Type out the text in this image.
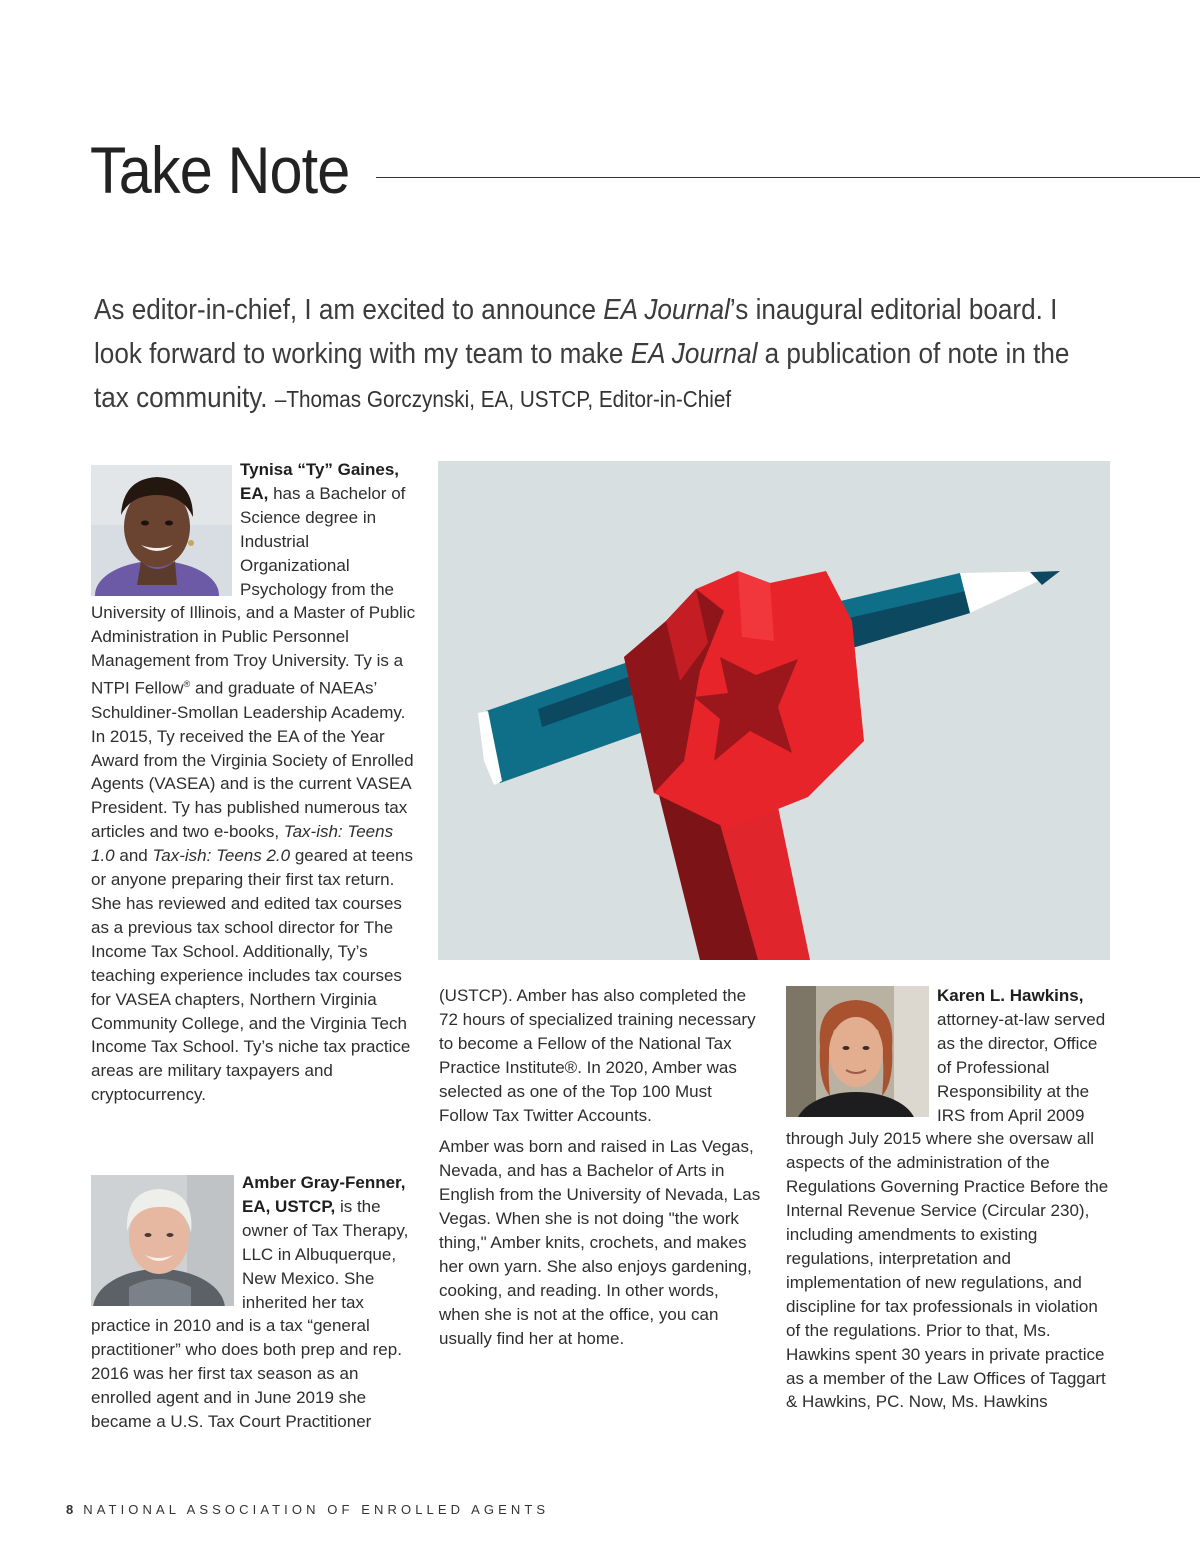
Take Note
As editor-in-chief, I am excited to announce EA Journal’s inaugural editorial board. I look forward to working with my team to make EA Journal a publication of note in the tax community. –Thomas Gorczynski, EA, USTCP, Editor-in-Chief

Tynisa “Ty” Gaines, EA, has a Bachelor of Science degree in Industrial Organizational Psychology from the University of Illinois, and a Master of Public Administration in Public Personnel Management from Troy University. Ty is a NTPI Fellow® and graduate of NAEAs’ Schuldiner-Smollan Leadership Academy. In 2015, Ty received the EA of the Year Award from the Virginia Society of Enrolled Agents (VASEA) and is the current VASEA President. Ty has published numerous tax articles and two e-books, Tax-ish: Teens 1.0 and Tax-ish: Teens 2.0 geared at teens or anyone preparing their first tax return. She has reviewed and edited tax courses as a previous tax school director for The Income Tax School. Additionally, Ty’s teaching experience includes tax courses for VASEA chapters, Northern Virginia Community College, and the Virginia Tech Income Tax School. Ty’s niche tax practice areas are military taxpayers and cryptocurrency.

Amber Gray-Fenner, EA, USTCP, is the owner of Tax Therapy, LLC in Albuquerque, New Mexico. She inherited her tax practice in 2010 and is a tax “general practitioner” who does both prep and rep. 2016 was her first tax season as an enrolled agent and in June 2019 she became a U.S. Tax Court Practitioner

(USTCP). Amber has also completed the 72 hours of specialized training necessary to become a Fellow of the National Tax Practice Institute®. In 2020, Amber was selected as one of the Top 100 Must Follow Tax Twitter Accounts.

Amber was born and raised in Las Vegas, Nevada, and has a Bachelor of Arts in English from the University of Nevada, Las Vegas. When she is not doing "the work thing," Amber knits, crochets, and makes her own yarn. She also enjoys gardening, cooking, and reading. In other words, when she is not at the office, you can usually find her at home.

Karen L. Hawkins, attorney-at-law served as the director, Office of Professional Responsibility at the IRS from April 2009 through July 2015 where she oversaw all aspects of the administration of the Regulations Governing Practice Before the Internal Revenue Service (Circular 230), including amendments to existing regulations, interpretation and implementation of new regulations, and discipline for tax professionals in violation of the regulations. Prior to that, Ms. Hawkins spent 30 years in private practice as a member of the Law Offices of Taggart & Hawkins, PC. Now, Ms. Hawkins

8 NATIONAL ASSOCIATION OF ENROLLED AGENTS
